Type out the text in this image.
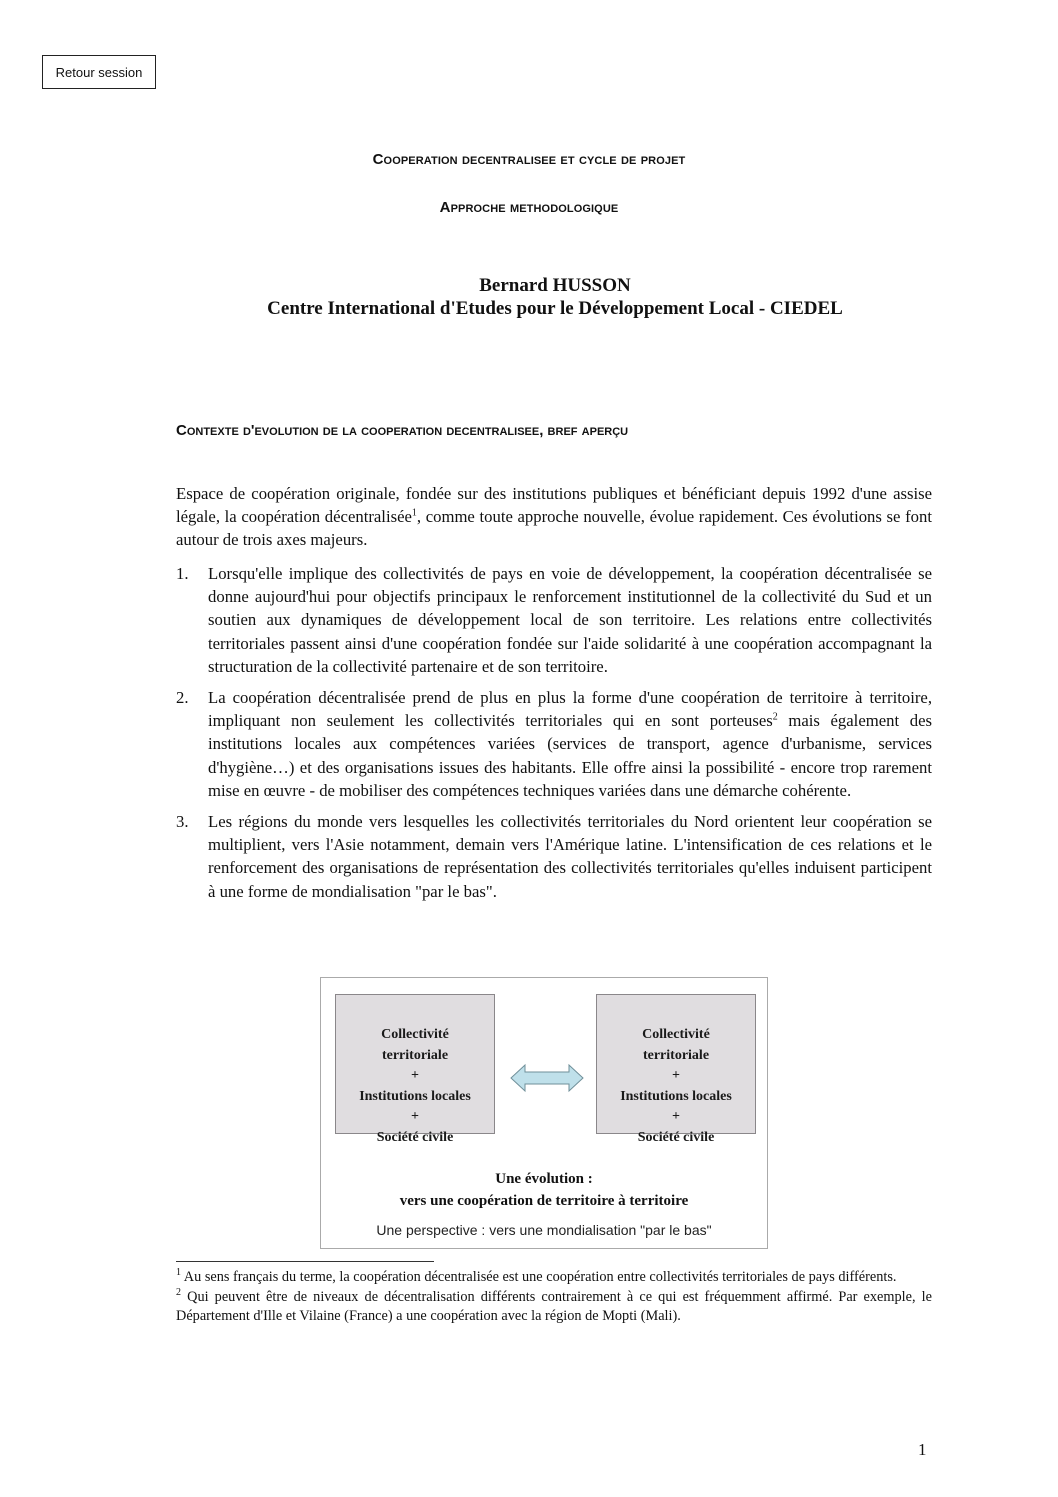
Retour session
Cooperation decentralisee et cycle de projet
Approche methodologique
Bernard HUSSON
Centre International d'Etudes pour le Développement Local - CIEDEL
Contexte d'evolution de la cooperation decentralisee, bref aperçu
Espace de coopération originale, fondée sur des institutions publiques et bénéficiant depuis 1992 d'une assise légale, la coopération décentralisée$^1$, comme toute approche nouvelle, évolue rapidement. Ces évolutions se font autour de trois axes majeurs.
1. Lorsqu'elle implique des collectivités de pays en voie de développement, la coopération décentralisée se donne aujourd'hui pour objectifs principaux le renforcement institutionnel de la collectivité du Sud et un soutien aux dynamiques de développement local de son territoire. Les relations entre collectivités territoriales passent ainsi d'une coopération fondée sur l'aide solidarité à une coopération accompagnant la structuration de la collectivité partenaire et de son territoire.
2. La coopération décentralisée prend de plus en plus la forme d'une coopération de territoire à territoire, impliquant non seulement les collectivités territoriales qui en sont porteuses$^2$ mais également des institutions locales aux compétences variées (services de transport, agence d'urbanisme, services d'hygiène…) et des organisations issues des habitants. Elle offre ainsi la possibilité - encore trop rarement mise en œuvre - de mobiliser des compétences techniques variées dans une démarche cohérente.
3. Les régions du monde vers lesquelles les collectivités territoriales du Nord orientent leur coopération se multiplient, vers l'Asie notamment, demain vers l'Amérique latine. L'intensification de ces relations et le renforcement des organisations de représentation des collectivités territoriales qu'elles induisent participent à une forme de mondialisation "par le bas".
Collectivité
territoriale
+
Institutions locales
+
Société civile
Collectivité
territoriale
+
Institutions locales
+
Société civile
Une évolution :
vers une coopération de territoire à territoire
Une perspective : vers une mondialisation "par le bas"

$^1$ Au sens français du terme, la coopération décentralisée est une coopération entre collectivités territoriales de pays différents.

$^2$ Qui peuvent être de niveaux de décentralisation différents contrairement à ce qui est fréquemment affirmé. Par exemple, le Département d'Ille et Vilaine (France) a une coopération avec la région de Mopti (Mali).

1
